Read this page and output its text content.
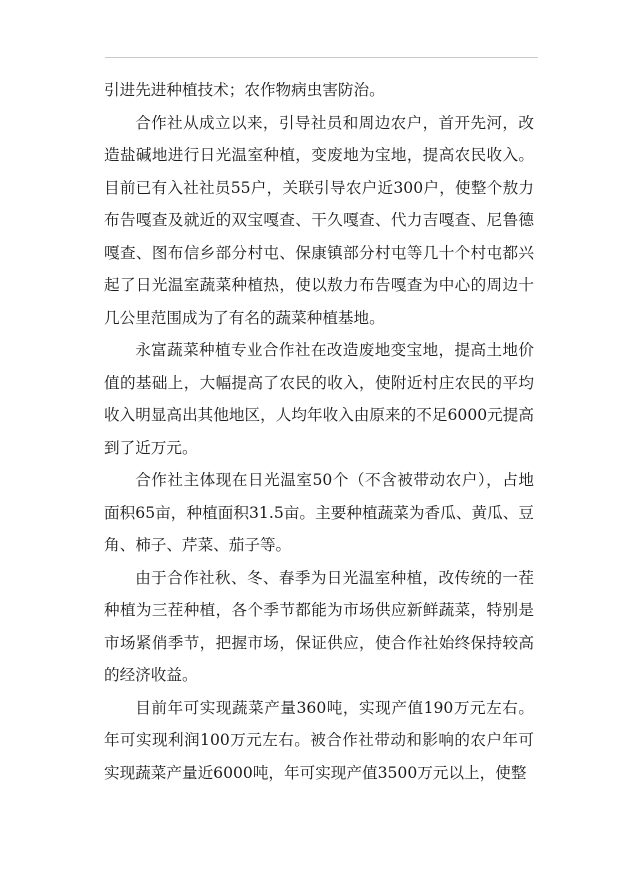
引进先进种植技术；农作物病虫害防治。

合作社从成立以来，引导社员和周边农户，首开先河，改造盐碱地进行日光温室种植，变废地为宝地，提高农民收入。目前已有入社社员55户，关联引导农户近300户，使整个敖力布告嘎查及就近的双宝嘎查、干久嘎查、代力吉嘎查、尼鲁德嘎查、图布信乡部分村屯、保康镇部分村屯等几十个村屯都兴起了日光温室蔬菜种植热，使以敖力布告嘎查为中心的周边十几公里范围成为了有名的蔬菜种植基地。

永富蔬菜种植专业合作社在改造废地变宝地，提高土地价值的基础上，大幅提高了农民的收入，使附近村庄农民的平均收入明显高出其他地区，人均年收入由原来的不足6000元提高到了近万元。

合作社主体现在日光温室50个（不含被带动农户），占地面积65亩，种植面积31.5亩。主要种植蔬菜为香瓜、黄瓜、豆角、柿子、芹菜、茄子等。

由于合作社秋、冬、春季为日光温室种植，改传统的一茬种植为三茬种植，各个季节都能为市场供应新鲜蔬菜，特别是市场紧俏季节，把握市场，保证供应，使合作社始终保持较高的经济收益。

目前年可实现蔬菜产量360吨，实现产值190万元左右。年可实现利润100万元左右。被合作社带动和影响的农户年可实现蔬菜产量近6000吨，年可实现产值3500万元以上，使整
